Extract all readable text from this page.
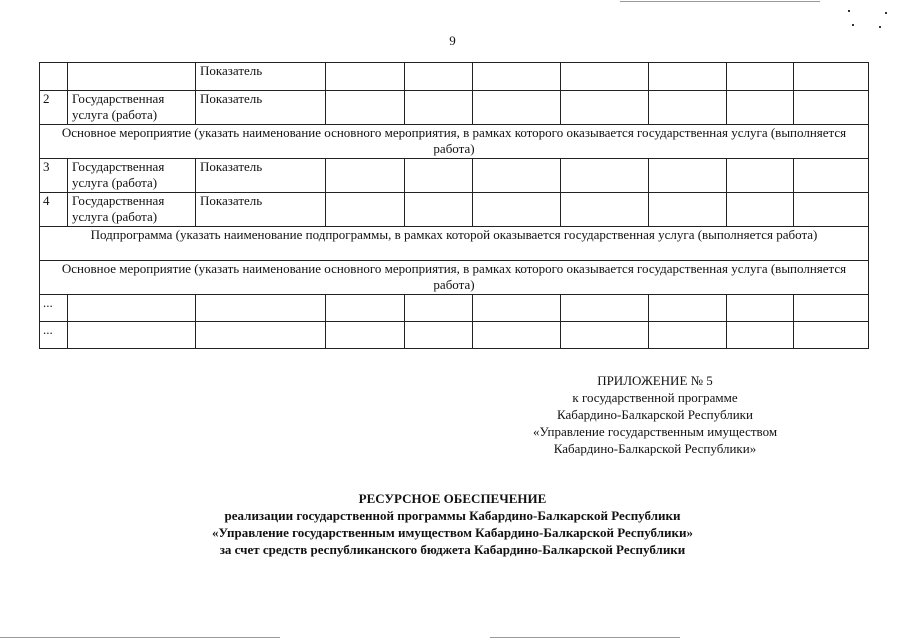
9
		Показатель							
2	Государственная услуга (работа)	Показатель							
Основное мероприятие (указать наименование основного мероприятия, в рамках которого оказывается государственная услуга (выполняется работа)									
3	Государственная услуга (работа)	Показатель							
4	Государственная услуга (работа)	Показатель							
Подпрограмма (указать наименование подпрограммы, в рамках которой оказывается государственная услуга (выполняется работа)									
Основное мероприятие (указать наименование основного мероприятия, в рамках которого оказывается государственная услуга (выполняется работа)									
...									
...									
ПРИЛОЖЕНИЕ № 5
к государственной программе
Кабардино-Балкарской Республики
«Управление государственным имуществом
Кабардино-Балкарской Республики»
РЕСУРСНОЕ ОБЕСПЕЧЕНИЕ
реализации государственной программы Кабардино-Балкарской Республики
«Управление государственным имуществом Кабардино-Балкарской Республики»
за счет средств республиканского бюджета Кабардино-Балкарской Республики
